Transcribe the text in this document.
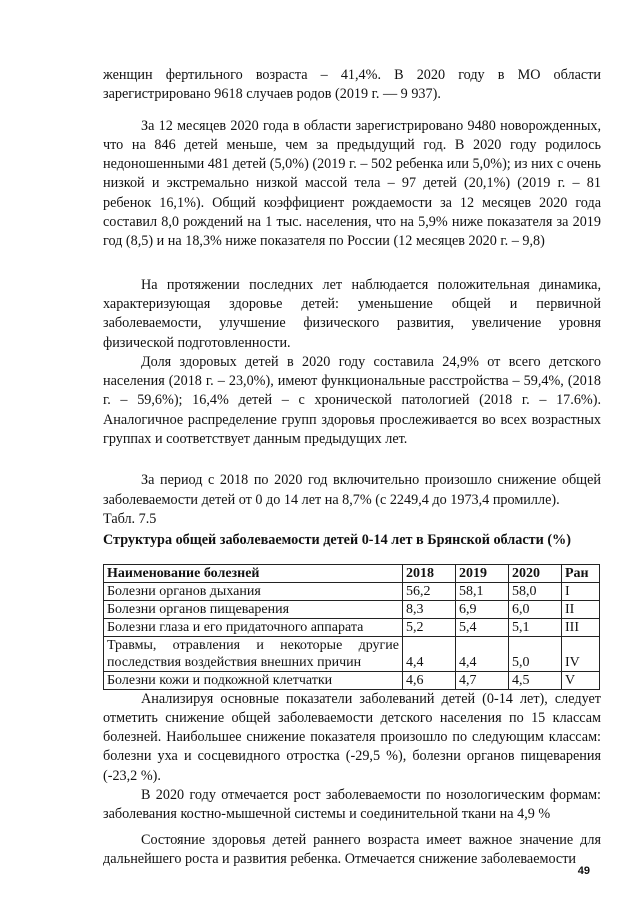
женщин фертильного возраста – 41,4%. В 2020 году в МО области зарегистрировано 9618 случаев родов (2019 г. — 9 937).

За 12 месяцев 2020 года в области зарегистрировано 9480 новорожденных, что на 846 детей меньше, чем за предыдущий год. В 2020 году родилось недоношенными 481 детей (5,0%) (2019 г. – 502 ребенка или 5,0%); из них с очень низкой и экстремально низкой массой тела – 97 детей (20,1%) (2019 г. – 81 ребенок 16,1%). Общий коэффициент рождаемости за 12 месяцев 2020 года составил 8,0 рождений на 1 тыс. населения, что на 5,9% ниже показателя за 2019 год (8,5) и на 18,3% ниже показателя по России (12 месяцев 2020 г. – 9,8)

На протяжении последних лет наблюдается положительная динамика, характеризующая здоровье детей: уменьшение общей и первичной заболеваемости, улучшение физического развития, увеличение уровня физической подготовленности.

Доля здоровых детей в 2020 году составила 24,9% от всего детского населения (2018 г. – 23,0%), имеют функциональные расстройства – 59,4%, (2018 г. – 59,6%); 16,4% детей – с хронической патологией (2018 г. – 17.6%). Аналогичное распределение групп здоровья прослеживается во всех возрастных группах и соответствует данным предыдущих лет.

За период с 2018 по 2020 год включительно произошло снижение общей заболеваемости детей от 0 до 14 лет на 8,7% (с 2249,4 до 1973,4 промилле).

Табл. 7.5

Структура общей заболеваемости детей 0-14 лет в Брянской области (%)

Наименование болезней	2018	2019	2020	Ран
Болезни органов дыхания	56,2	58,1	58,0	I
Болезни органов пищеварения	8,3	6,9	6,0	II
Болезни глаза и его придаточного аппарата	5,2	5,4	5,1	III
Травмы, отравления и некоторые другие последствия воздействия внешних причин	4,4	4,4	5,0	IV
Болезни кожи и подкожной клетчатки	4,6	4,7	4,5	V

Анализируя основные показатели заболеваний детей (0-14 лет), следует отметить снижение общей заболеваемости детского населения по 15 классам болезней. Наибольшее снижение показателя произошло по следующим классам: болезни уха и сосцевидного отростка (-29,5 %), болезни органов пищеварения (-23,2 %).

В 2020 году отмечается рост заболеваемости по нозологическим формам: заболевания костно-мышечной системы и соединительной ткани на 4,9 %

Состояние здоровья детей раннего возраста имеет важное значение для дальнейшего роста и развития ребенка. Отмечается снижение заболеваемости

49
